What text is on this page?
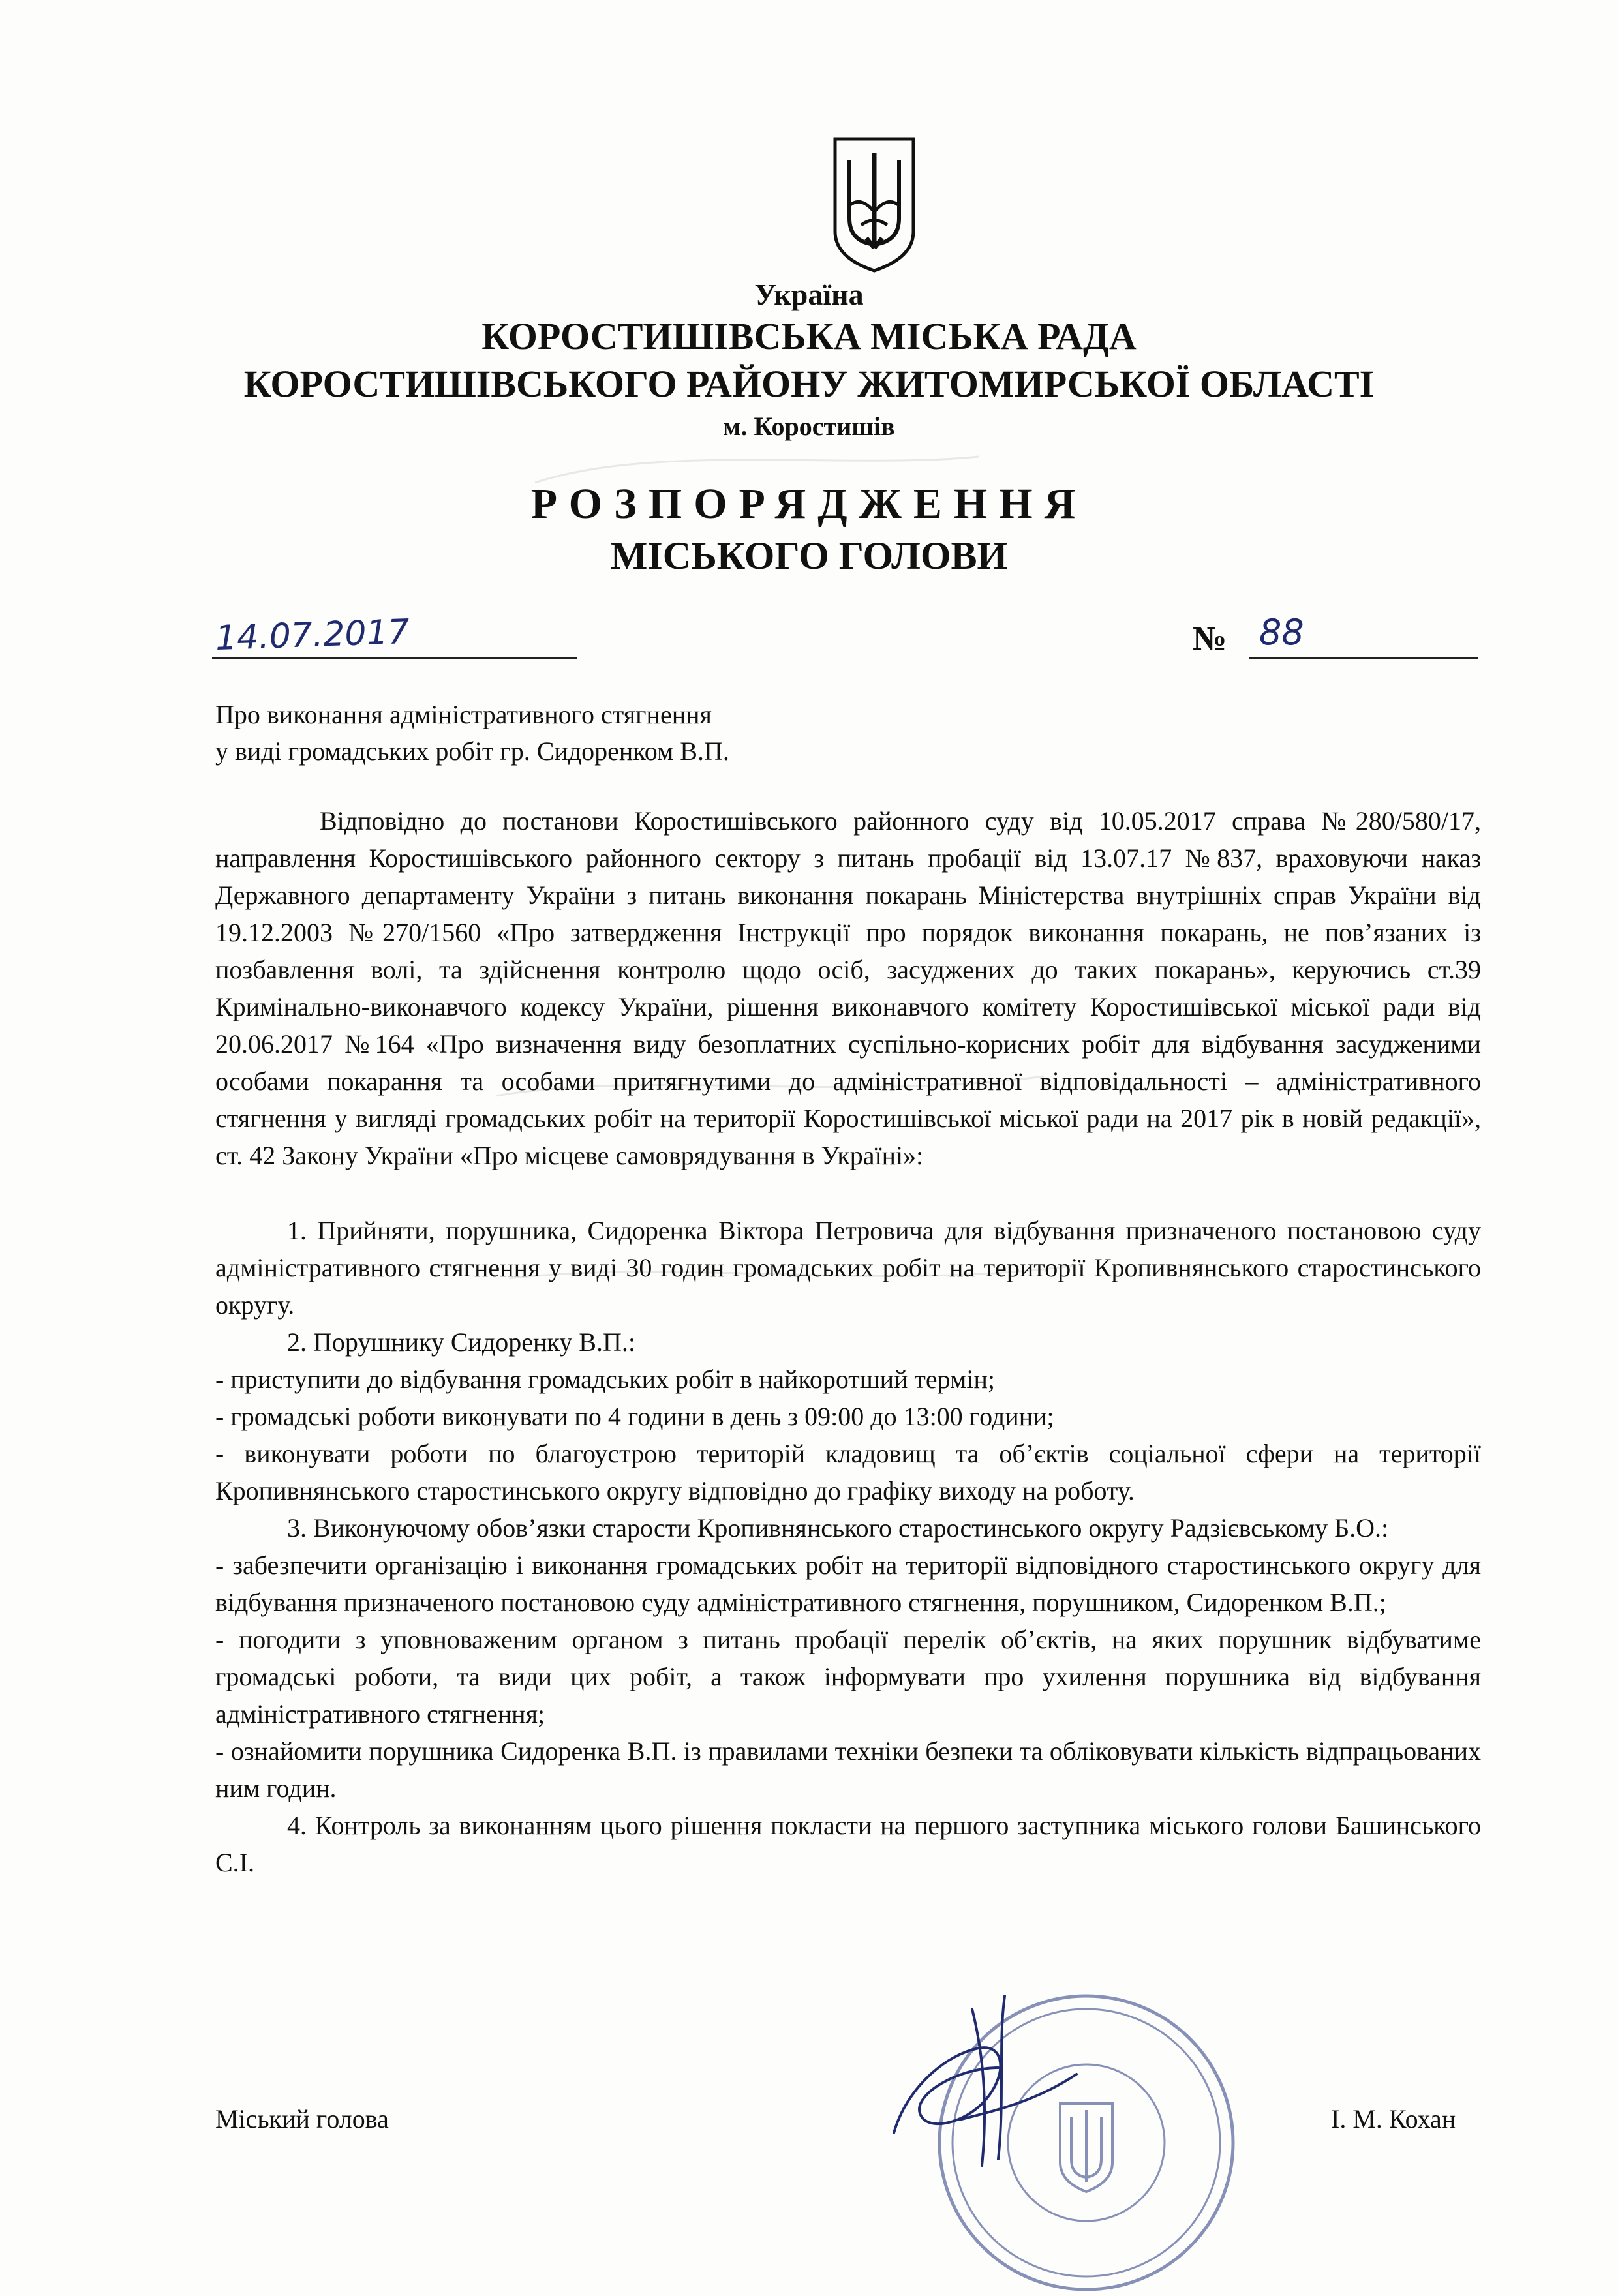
Україна
КОРОСТИШІВСЬКА МІСЬКА РАДА
КОРОСТИШІВСЬКОГО РАЙОНУ ЖИТОМИРСЬКОЇ ОБЛАСТІ
м. Коростишів
РОЗПОРЯДЖЕННЯ
МІСЬКОГО ГОЛОВИ
14.07.2017	№ 88
Про виконання адміністративного стягнення
у виді громадських робіт гр. Сидоренком В.П.

Відповідно до постанови Коростишівського районного суду від 10.05.2017 справа №280/580/17, направлення Коростишівського районного сектору з питань пробації від 13.07.17 №837, враховуючи наказ Державного департаменту України з питань виконання покарань Міністерства внутрішніх справ України від 19.12.2003 №270/1560 «Про затвердження Інструкції про порядок виконання покарань, не пов’язаних із позбавлення волі, та здійснення контролю щодо осіб, засуджених до таких покарань», керуючись ст.39 Кримінально-виконавчого кодексу України, рішення виконавчого комітету Коростишівської міської ради від 20.06.2017 №164 «Про визначення виду безоплатних суспільно-корисних робіт для відбування засудженими особами покарання та особами притягнутими до адміністративної відповідальності – адміністративного стягнення у вигляді громадських робіт на території Коростишівської міської ради на 2017 рік в новій редакції», ст. 42 Закону України «Про місцеве самоврядування в Україні»:

1. Прийняти, порушника, Сидоренка Віктора Петровича для відбування призначеного постановою суду адміністративного стягнення у виді 30 годин громадських робіт на території Кропивнянського старостинського округу.

2. Порушнику Сидоренку В.П.:

- приступити до відбування громадських робіт в найкоротший термін;

- громадські роботи виконувати по 4 години в день з 09:00 до 13:00 години;

- виконувати роботи по благоустрою територій кладовищ та об’єктів соціальної сфери на території Кропивнянського старостинського округу відповідно до графіку виходу на роботу.

3. Виконуючому обов’язки старости Кропивнянського старостинського округу Радзієвському Б.О.:

- забезпечити організацію і виконання громадських робіт на території відповідного старостинського округу для відбування призначеного постановою суду адміністративного стягнення, порушником, Сидоренком В.П.;

- погодити з уповноваженим органом з питань пробації перелік об’єктів, на яких порушник відбуватиме громадські роботи, та види цих робіт, а також інформувати про ухилення порушника від відбування адміністративного стягнення;

- ознайомити порушника Сидоренка В.П. із правилами техніки безпеки та обліковувати кількість відпрацьованих ним годин.

4. Контроль за виконанням цього рішення покласти на першого заступника міського голови Башинського С.І.

Міський голова	І. М. Кохан
